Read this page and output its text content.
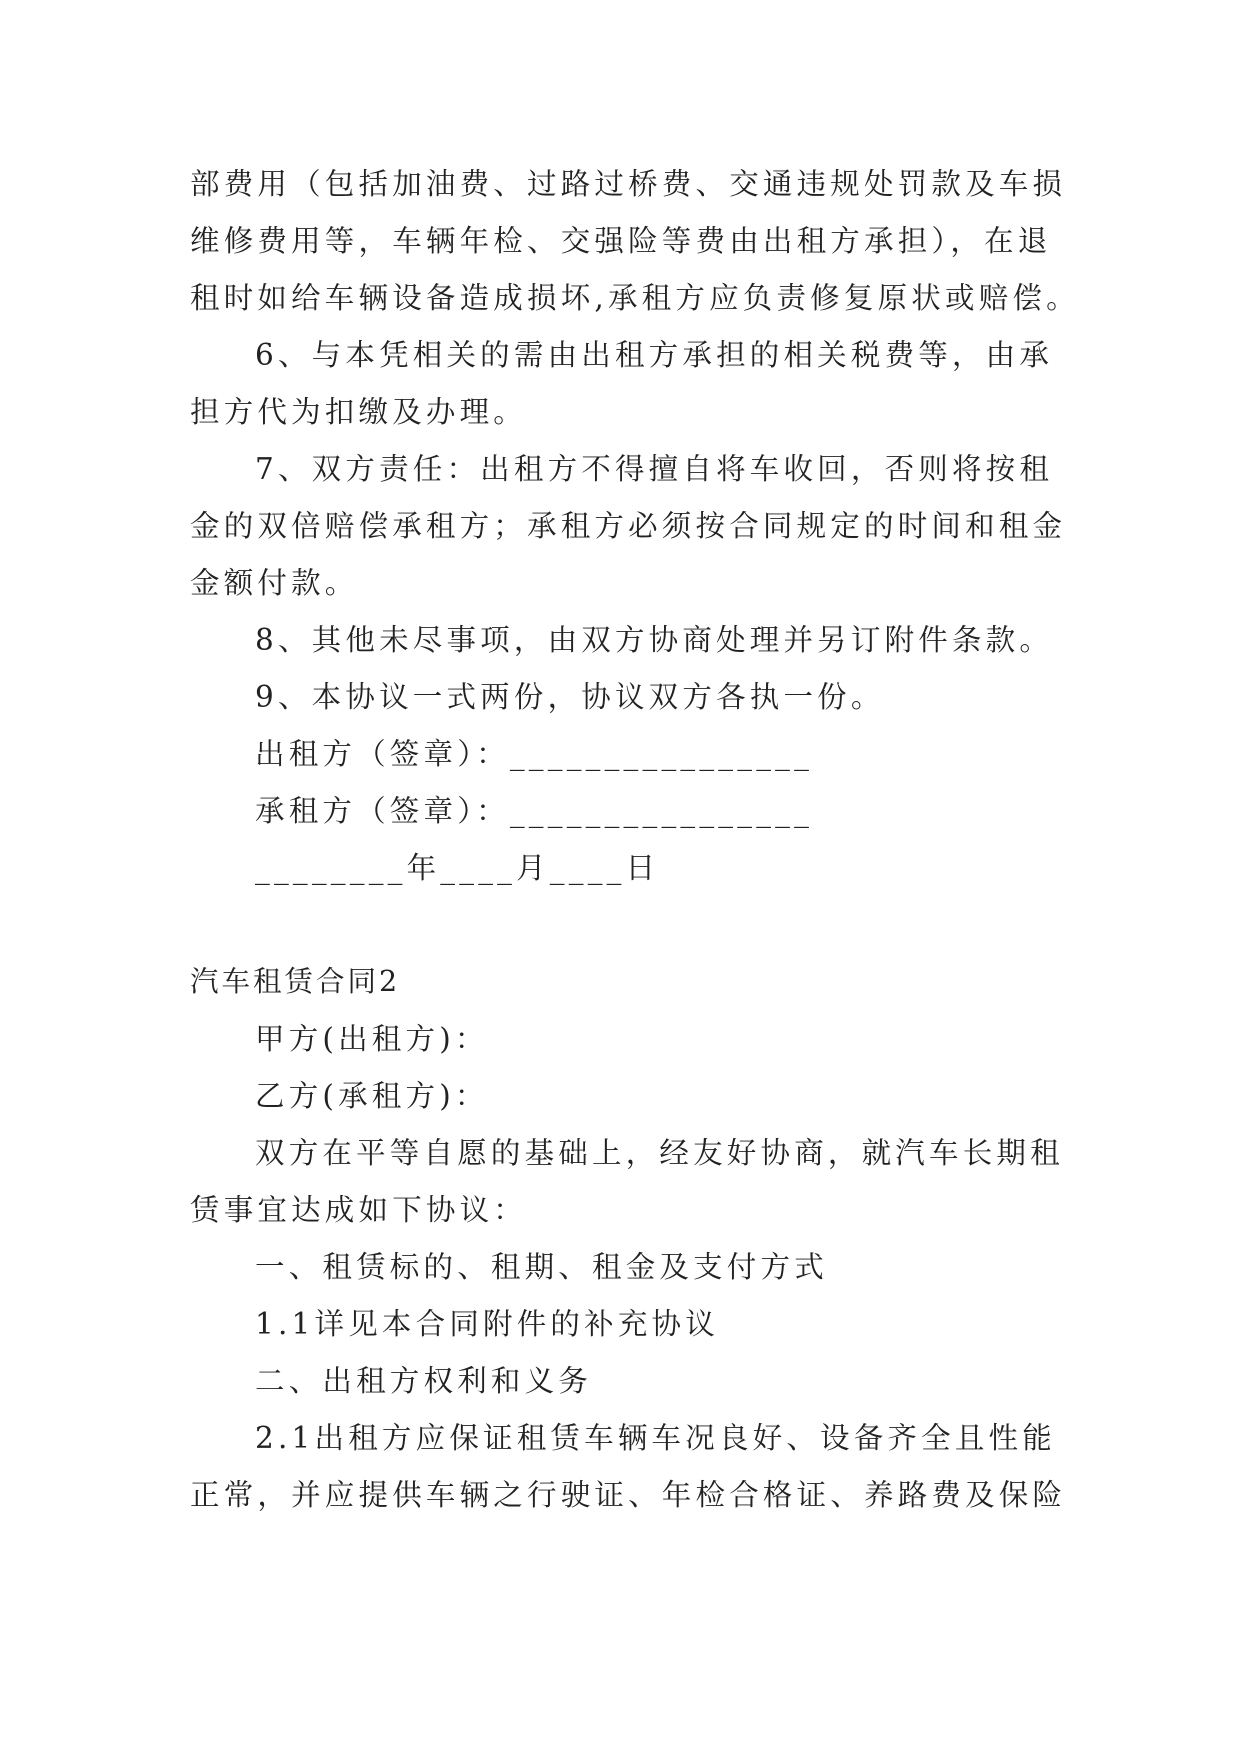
部费用（包括加油费、过路过桥费、交通违规处罚款及车损
维修费用等，车辆年检、交强险等费由出租方承担），在退
租时如给车辆设备造成损坏,承租方应负责修复原状或赔偿。
6、与本凭相关的需由出租方承担的相关税费等，由承
担方代为扣缴及办理。
7、双方责任：出租方不得擅自将车收回，否则将按租
金的双倍赔偿承租方；承租方必须按合同规定的时间和租金
金额付款。
8、其他未尽事项，由双方协商处理并另订附件条款。
9、本协议一式两份，协议双方各执一份。
出租方（签章）：________________
承租方（签章）：________________
________年____月____日
汽车租赁合同2
甲方(出租方)：
乙方(承租方)：
双方在平等自愿的基础上，经友好协商，就汽车长期租
赁事宜达成如下协议：
一、租赁标的、租期、租金及支付方式
1.1详见本合同附件的补充协议
二、出租方权利和义务
2.1出租方应保证租赁车辆车况良好、设备齐全且性能
正常，并应提供车辆之行驶证、年检合格证、养路费及保险
